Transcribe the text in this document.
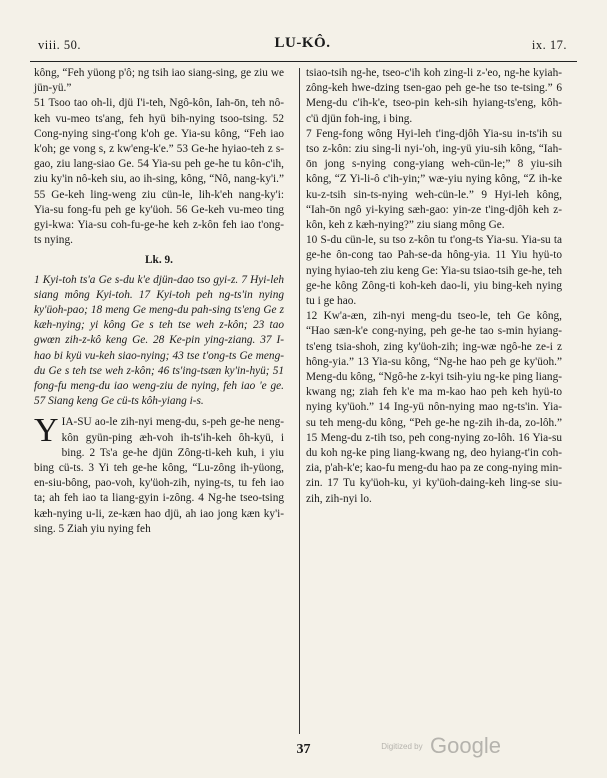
viii. 50.	LU-KÔ.	ix. 17.

kông, “Feh yüong p'ô; ng tsih iao siang-sing, ge ziu we jün-yü.”

51 Tsoo tao oh-li, djü I'i-teh, Ngô-kôn, Iah-ōn, teh nô-keh vu-meo ts'ang, feh hyü bih-nying tsoo-tsing. 52 Cong-nying sing-t'ong k'oh ge. Yia-su kông, “Feh iao k'oh; ge vong s, z kw'eng-k'e.” 53 Ge-he hyiao-teh z s-gao, ziu lang-siao Ge. 54 Yia-su peh ge-he tu kôn-c'ih, ziu ky'in nô-keh siu, ao ih-sing, kông, “Nô, nang-ky'i.” 55 Ge-keh ling-weng ziu cün-le, lih-k'eh nang-ky'i: Yia-su fong-fu peh ge ky'üoh. 56 Ge-keh vu-meo ting gyi-kwa: Yia-su coh-fu-ge-he keh z-kôn feh iao t'ong-ts nying.

Lk. 9.

1 Kyi-toh ts'a Ge s-du k'e djün-dao tso gyi-z. 7 Hyi-leh siang mông Kyi-toh. 17 Kyi-toh peh ng-ts'in nying ky'üoh-pao; 18 meng Ge meng-du pah-sing ts'eng Ge z kæh-nying; yi kông Ge s teh tse weh z-kôn; 23 tao gwœn zih-z-kô keng Ge. 28 Ke-pin ying-ziang. 37 I-hao bi kyü vu-keh siao-nying; 43 tse t'ong-ts Ge meng-du Ge s teh tse weh z-kôn; 46 ts'ing-tsæn ky'in-hyü; 51 fong-fu meng-du iao weng-ziu de nying, feh iao 'e ge. 57 Siang keng Ge cü-ts kôh-yiang i-s.

YIA-SU ao-le zih-nyi meng-du, s-peh ge-he neng-kôn gyün-ping æh-voh ih-ts'ih-keh ôh-kyü, i bing. 2 Ts'a ge-he djün Zông-ti-keh kuh, i yiu bing cü-ts. 3 Yi teh ge-he kông, “Lu-zông ih-yüong, en-siu-bông, pao-voh, ky'üoh-zih, nying-ts, tu feh iao ta; ah feh iao ta liang-gyin i-zông. 4 Ng-he tseo-tsing kæh-nying u-li, ze-kæn hao djü, ah iao jong kæn ky'i-sing. 5 Ziah yiu nying feh

tsiao-tsih ng-he, tseo-c'ih koh zing-li z-'eo, ng-he kyiah-zông-keh hwe-dzing tsen-gao peh ge-he tso te-tsing.” 6 Meng-du c'ih-k'e, tseo-pin keh-sih hyiang-ts'eng, kôh-c'ü djün foh-ing, i bing.

7 Feng-fong wông Hyi-leh t'ing-djôh Yia-su in-ts'ih su tso z-kôn: ziu sing-li nyi-'oh, ing-yü yiu-sih kông, “Iah-ōn jong s-nying cong-yiang weh-cün-le;” 8 yiu-sih kông, “Z Yi-li-ô c'ih-yin;” wæ-yiu nying kông, “Z ih-ke ku-z-tsih sin-ts-nying weh-cün-le.” 9 Hyi-leh kông, “Iah-ōn ngô yi-kying sæh-gao: yin-ze t'ing-djôh keh z-kôn, keh z kæh-nying?” ziu siang mông Ge.

10 S-du cün-le, su tso z-kôn tu t'ong-ts Yia-su. Yia-su ta ge-he ôn-cong tao Pah-se-da hông-yia. 11 Yiu hyü-to nying hyiao-teh ziu keng Ge: Yia-su tsiao-tsih ge-he, teh ge-he kông Zông-ti koh-keh dao-li, yiu bing-keh nying tu i ge hao.

12 Kw'a-æn, zih-nyi meng-du tseo-le, teh Ge kông, “Hao sæn-k'e cong-nying, peh ge-he tao s-min hyiang-ts'eng tsia-shoh, zing ky'üoh-zih; ing-wæ ngô-he ze-i z hông-yia.” 13 Yia-su kông, “Ng-he hao peh ge ky'üoh.” Meng-du kông, “Ngô-he z-kyi tsih-yiu ng-ke ping liang-kwang ng; ziah feh k'e ma m-kao hao peh keh hyü-to nying ky'üoh.” 14 Ing-yü nôn-nying mao ng-ts'in. Yia-su teh meng-du kông, “Peh ge-he ng-zih ih-da, zo-lôh.” 15 Meng-du z-tih tso, peh cong-nying zo-lôh. 16 Yia-su du koh ng-ke ping liang-kwang ng, deo hyiang-t'in coh-zia, p'ah-k'e; kao-fu meng-du hao pa ze cong-nying min-zin. 17 Tu ky'üoh-ku, yi ky'üoh-daing-keh ling-se siu-zih, zih-nyi lo.

37	Digitized by Google
